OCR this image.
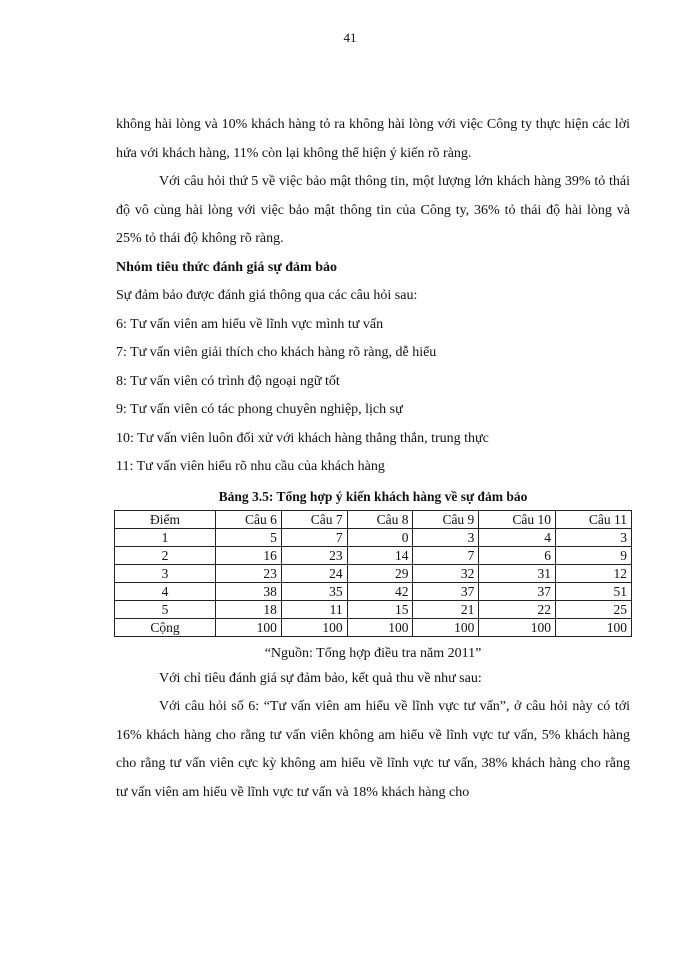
41

không hài lòng và 10% khách hàng tỏ ra không hài lòng với việc Công ty thực hiện các lời hứa với khách hàng, 11% còn lại không thể hiện ý kiến rõ ràng.

Với câu hỏi thứ 5 về việc bảo mật thông tin, một lượng lớn khách hàng 39% tỏ thái độ vô cùng hài lòng với việc bảo mật thông tin của Công ty, 36% tỏ thái độ hài lòng và 25% tỏ thái độ không rõ ràng.

Nhóm tiêu thức đánh giá sự đảm bảo

Sự đảm bảo được đánh giá thông qua các câu hỏi sau:

6: Tư vấn viên am hiểu về lĩnh vực mình tư vấn

7: Tư vấn viên giải thích cho khách hàng rõ ràng, dễ hiểu

8: Tư vấn viên có trình độ ngoại ngữ tốt

9: Tư vấn viên có tác phong chuyên nghiệp, lịch sự

10: Tư vấn viên luôn đối xử với khách hàng thẳng thắn, trung thực

11: Tư vấn viên hiểu rõ nhu cầu của khách hàng

Bảng 3.5: Tổng hợp ý kiến khách hàng về sự đảm bảo
Điểm	Câu 6	Câu 7	Câu 8	Câu 9	Câu 10	Câu 11
1	5	7	0	3	4	3
2	16	23	14	7	6	9
3	23	24	29	32	31	12
4	38	35	42	37	37	51
5	18	11	15	21	22	25
Cộng	100	100	100	100	100	100
“Nguồn: Tổng hợp điều tra năm 2011”

Với chỉ tiêu đánh giá sự đảm bảo, kết quả thu về như sau:

Với câu hỏi số 6: “Tư vấn viên am hiểu về lĩnh vực tư vấn”, ở câu hỏi này có tới 16% khách hàng cho rằng tư vấn viên không am hiểu về lĩnh vực tư vấn, 5% khách hàng cho rằng tư vấn viên cực kỳ không am hiểu về lĩnh vực tư vấn, 38% khách hàng cho rằng tư vấn viên am hiểu về lĩnh vực tư vấn và 18% khách hàng cho
